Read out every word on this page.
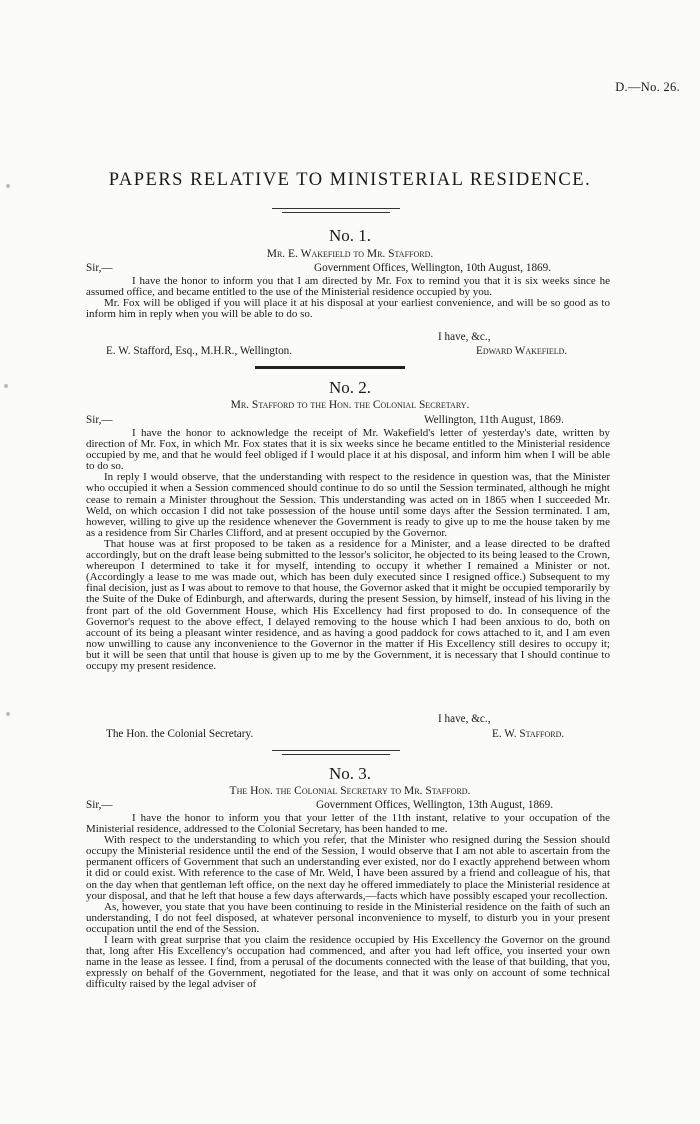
D.—No. 26.
PAPERS RELATIVE TO MINISTERIAL RESIDENCE.
No. 1.
Mr. E. Wakefield to Mr. Stafford.
Sir,—	Government Offices, Wellington, 10th August, 1869.

I have the honor to inform you that I am directed by Mr. Fox to remind you that it is six weeks since he assumed office, and became entitled to the use of the Ministerial residence occupied by you.

Mr. Fox will be obliged if you will place it at his disposal at your earliest convenience, and will be so good as to inform him in reply when you will be able to do so.

I have, &c.,
E. W. Stafford, Esq., M.H.R., Wellington.	Edward Wakefield.
No. 2.
Mr. Stafford to the Hon. the Colonial Secretary.
Sir,—	Wellington, 11th August, 1869.

I have the honor to acknowledge the receipt of Mr. Wakefield's letter of yesterday's date, written by direction of Mr. Fox, in which Mr. Fox states that it is six weeks since he became entitled to the Ministerial residence occupied by me, and that he would feel obliged if I would place it at his disposal, and inform him when I will be able to do so.

In reply I would observe, that the understanding with respect to the residence in question was, that the Minister who occupied it when a Session commenced should continue to do so until the Session terminated, although he might cease to remain a Minister throughout the Session. This understanding was acted on in 1865 when I succeeded Mr. Weld, on which occasion I did not take possession of the house until some days after the Session terminated. I am, however, willing to give up the residence whenever the Government is ready to give up to me the house taken by me as a residence from Sir Charles Clifford, and at present occupied by the Governor.

That house was at first proposed to be taken as a residence for a Minister, and a lease directed to be drafted accordingly, but on the draft lease being submitted to the lessor's solicitor, he objected to its being leased to the Crown, whereupon I determined to take it for myself, intending to occupy it whether I remained a Minister or not. (Accordingly a lease to me was made out, which has been duly executed since I resigned office.) Subsequent to my final decision, just as I was about to remove to that house, the Governor asked that it might be occupied temporarily by the Suite of the Duke of Edinburgh, and afterwards, during the present Session, by himself, instead of his living in the front part of the old Government House, which His Excellency had first proposed to do. In consequence of the Governor's request to the above effect, I delayed removing to the house which I had been anxious to do, both on account of its being a pleasant winter residence, and as having a good paddock for cows attached to it, and I am even now unwilling to cause any inconvenience to the Governor in the matter if His Excellency still desires to occupy it; but it will be seen that until that house is given up to me by the Government, it is necessary that I should continue to occupy my present residence.

I have, &c.,
The Hon. the Colonial Secretary.	E. W. Stafford.
No. 3.
The Hon. the Colonial Secretary to Mr. Stafford.
Sir,—	Government Offices, Wellington, 13th August, 1869.

I have the honor to inform you that your letter of the 11th instant, relative to your occupation of the Ministerial residence, addressed to the Colonial Secretary, has been handed to me.

With respect to the understanding to which you refer, that the Minister who resigned during the Session should occupy the Ministerial residence until the end of the Session, I would observe that I am not able to ascertain from the permanent officers of Government that such an understanding ever existed, nor do I exactly apprehend between whom it did or could exist. With reference to the case of Mr. Weld, I have been assured by a friend and colleague of his, that on the day when that gentleman left office, on the next day he offered immediately to place the Ministerial residence at your disposal, and that he left that house a few days afterwards,—facts which have possibly escaped your recollection.

As, however, you state that you have been continuing to reside in the Ministerial residence on the faith of such an understanding, I do not feel disposed, at whatever personal inconvenience to myself, to disturb you in your present occupation until the end of the Session.

I learn with great surprise that you claim the residence occupied by His Excellency the Governor on the ground that, long after His Excellency's occupation had commenced, and after you had left office, you inserted your own name in the lease as lessee. I find, from a perusal of the documents connected with the lease of that building, that you, expressly on behalf of the Government, negotiated for the lease, and that it was only on account of some technical difficulty raised by the legal adviser of
